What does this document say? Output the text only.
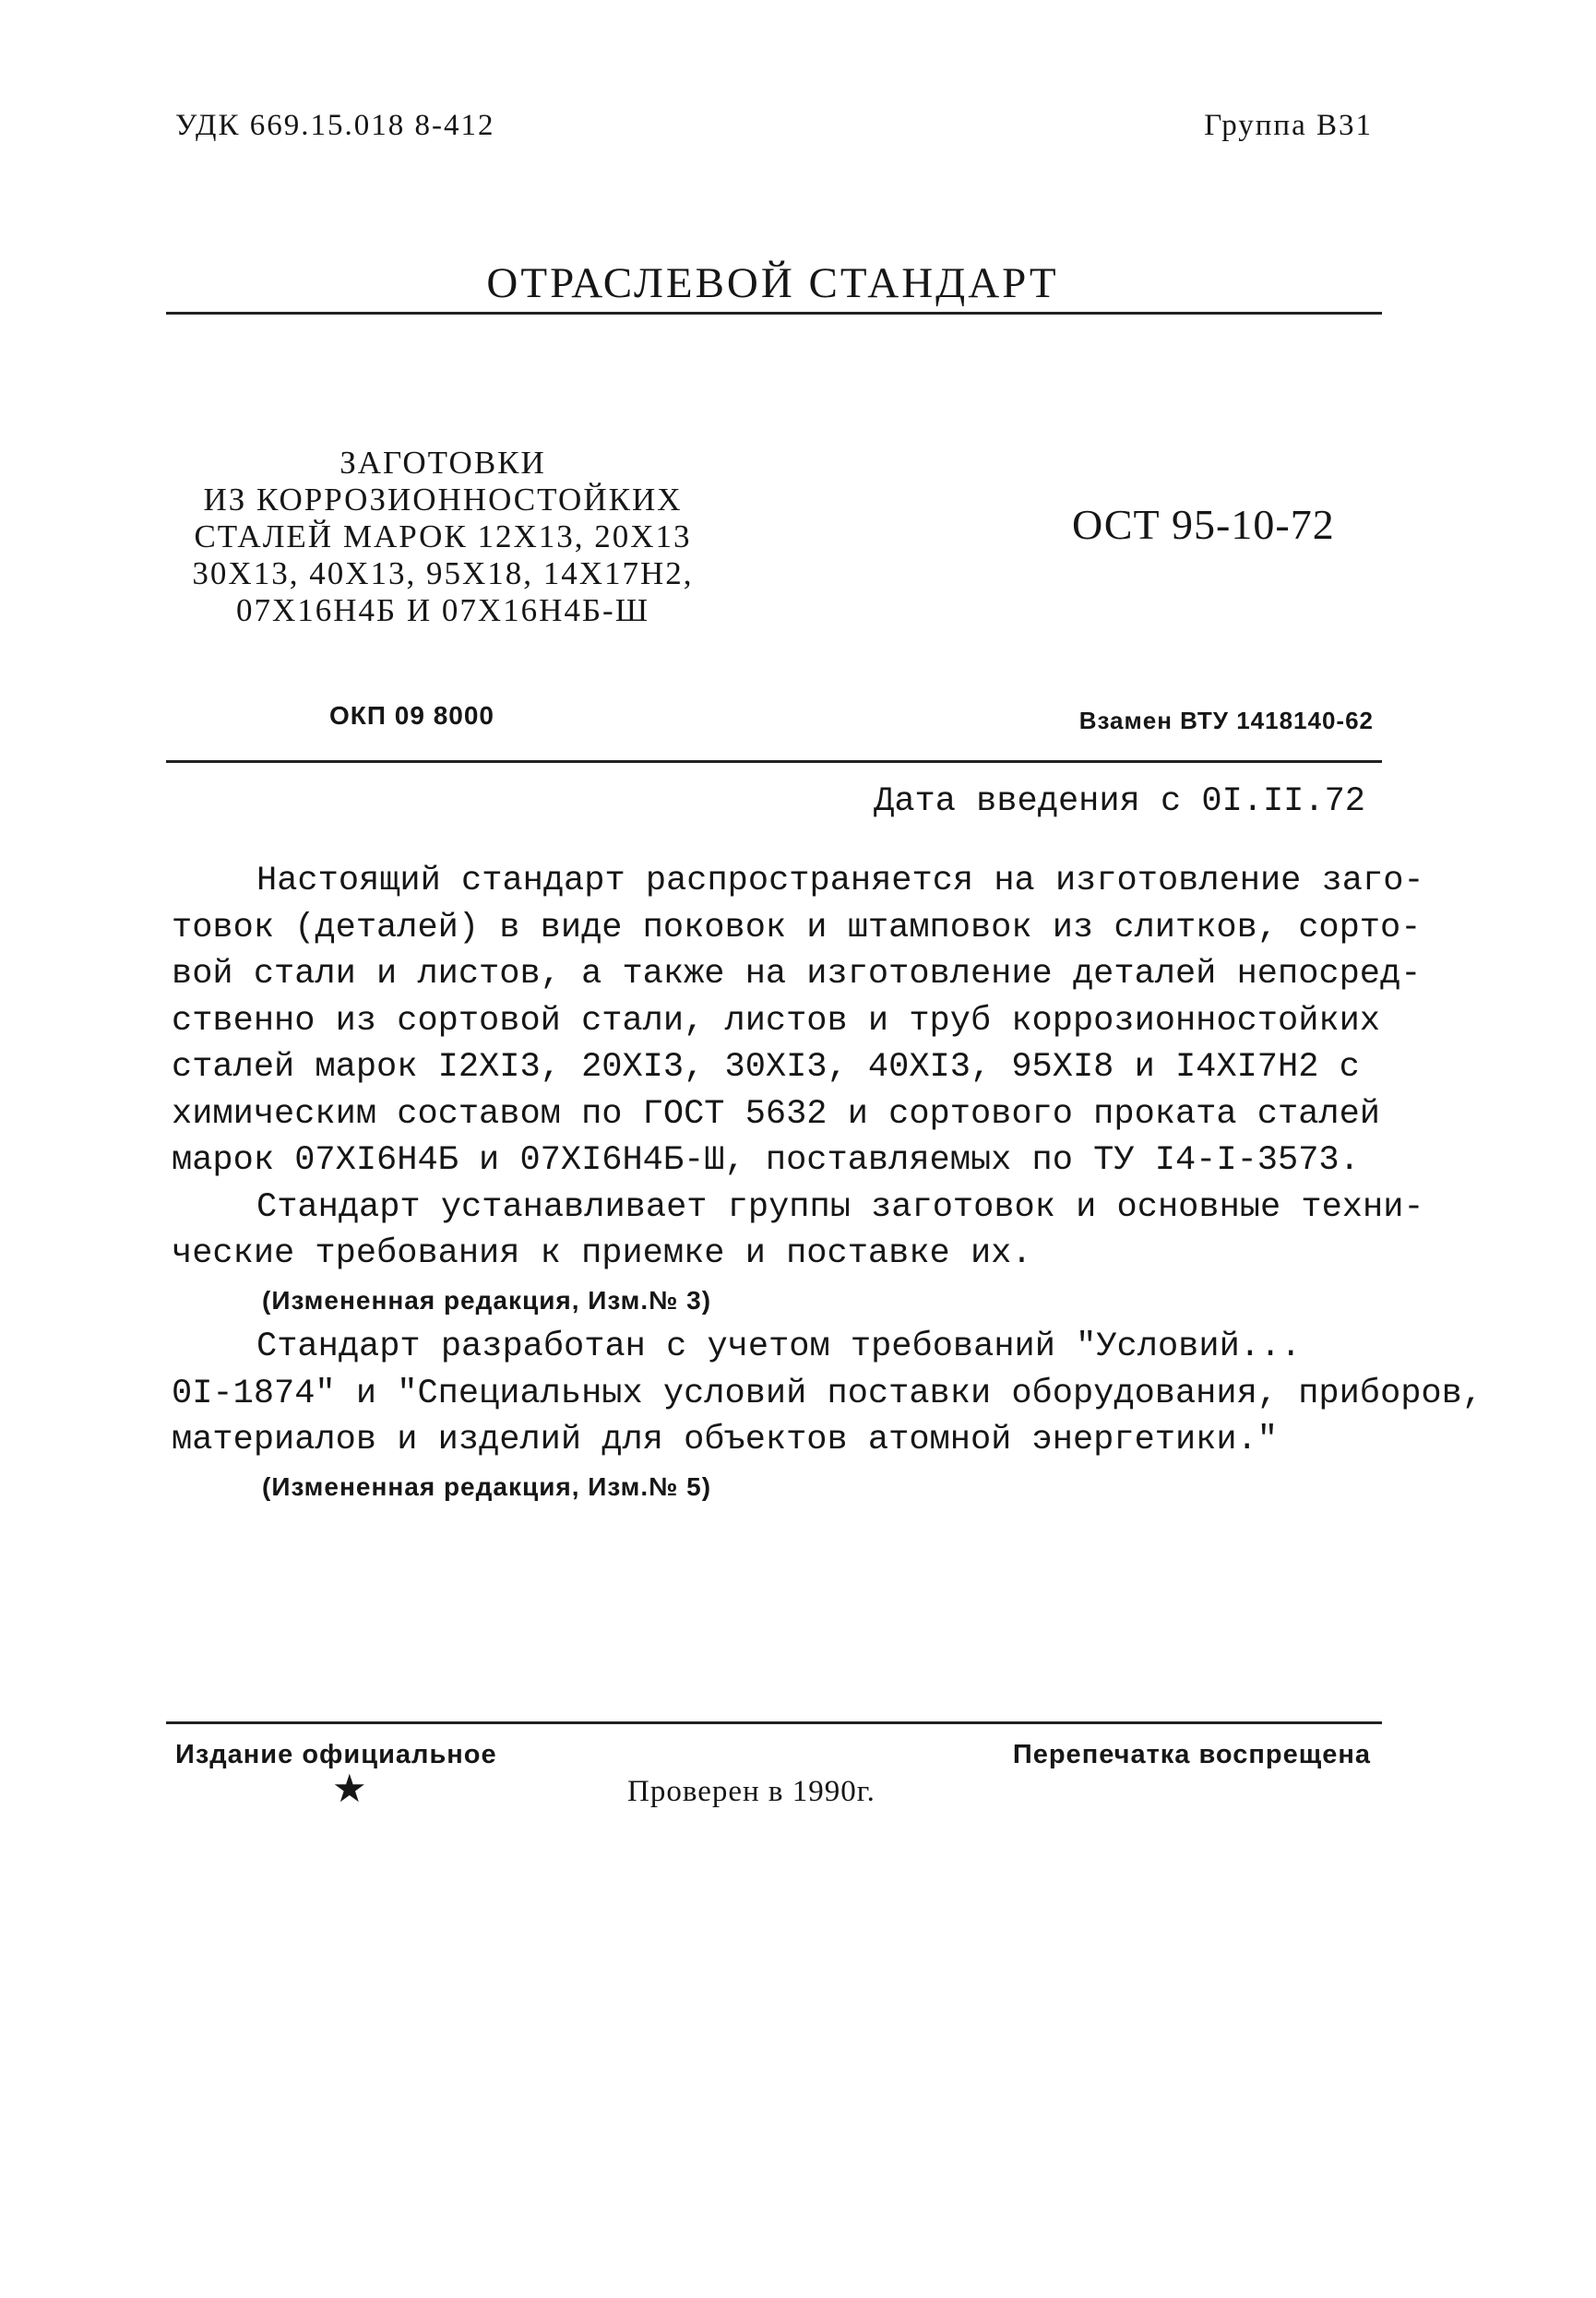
УДК 669.15.018 8-412	Группа В31
ОТРАСЛЕВОЙ СТАНДАРТ
ЗАГОТОВКИ
ИЗ КОРРОЗИОННОСТОЙКИХ
СТАЛЕЙ МАРОК 12Х13, 20Х13
30Х13, 40Х13, 95Х18, 14Х17Н2,
07Х16Н4Б И 07Х16Н4Б-Ш
ОСТ 95-10-72
ОКП 09 8000	Взамен ВТУ 1418140-62
Дата введения с 0I.II.72
Настоящий стандарт распространяется на изготовление заго-
товок (деталей) в виде поковок и штамповок из слитков, сорто-
вой стали и листов, а также на изготовление деталей непосред-
ственно из сортовой стали, листов и труб коррозионностойких
сталей марок I2XI3, 20XI3, 30XI3, 40XI3, 95XI8 и I4XI7H2 с
химическим составом по ГОСТ 5632 и сортового проката сталей
марок 07XI6H4Б и 07XI6H4Б-Ш, поставляемых по ТУ I4-I-3573.
Стандарт устанавливает группы заготовок и основные техни-
ческие требования к приемке и поставке их.
(Измененная редакция, Изм.№ 3)
Стандарт разработан с учетом требований "Условий...
0I-1874" и "Специальных условий поставки оборудования, приборов,
материалов и изделий для объектов атомной энергетики."
(Измененная редакция, Изм.№ 5)
Издание официальное	Перепечатка воспрещена
★	Проверен в 1990г.
